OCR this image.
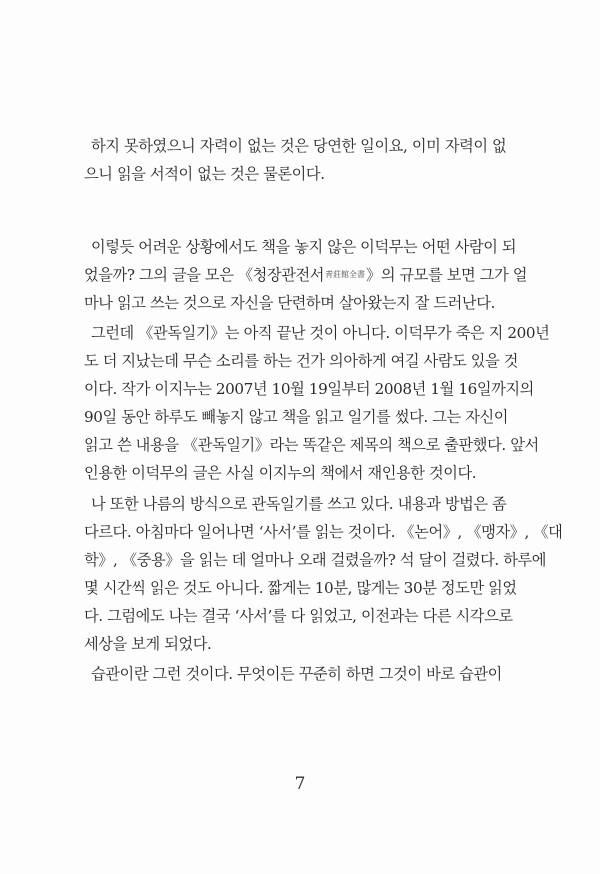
하지 못하였으니 자력이 없는 것은 당연한 일이요, 이미 자력이 없
으니 읽을 서적이 없는 것은 물론이다.
이렇듯 어려운 상황에서도 책을 놓지 않은 이덕무는 어떤 사람이 되
었을까? 그의 글을 모은 《청장관전서靑莊館全書》의 규모를 보면 그가 얼
마나 읽고 쓰는 것으로 자신을 단련하며 살아왔는지 잘 드러난다.
그런데 《관독일기》는 아직 끝난 것이 아니다. 이덕무가 죽은 지 200년
도 더 지났는데 무슨 소리를 하는 건가 의아하게 여길 사람도 있을 것
이다. 작가 이지누는 2007년 10월 19일부터 2008년 1월 16일까지의
90일 동안 하루도 빼놓지 않고 책을 읽고 일기를 썼다. 그는 자신이
읽고 쓴 내용을 《관독일기》라는 똑같은 제목의 책으로 출판했다. 앞서
인용한 이덕무의 글은 사실 이지누의 책에서 재인용한 것이다.
나 또한 나름의 방식으로 관독일기를 쓰고 있다. 내용과 방법은 좀
다르다. 아침마다 일어나면 ‘사서’를 읽는 것이다. 《논어》, 《맹자》, 《대
학》, 《중용》을 읽는 데 얼마나 오래 걸렸을까? 석 달이 걸렸다. 하루에
몇 시간씩 읽은 것도 아니다. 짧게는 10분, 많게는 30분 정도만 읽었
다. 그럼에도 나는 결국 ‘사서’를 다 읽었고, 이전과는 다른 시각으로
세상을 보게 되었다.
습관이란 그런 것이다. 무엇이든 꾸준히 하면 그것이 바로 습관이
7
